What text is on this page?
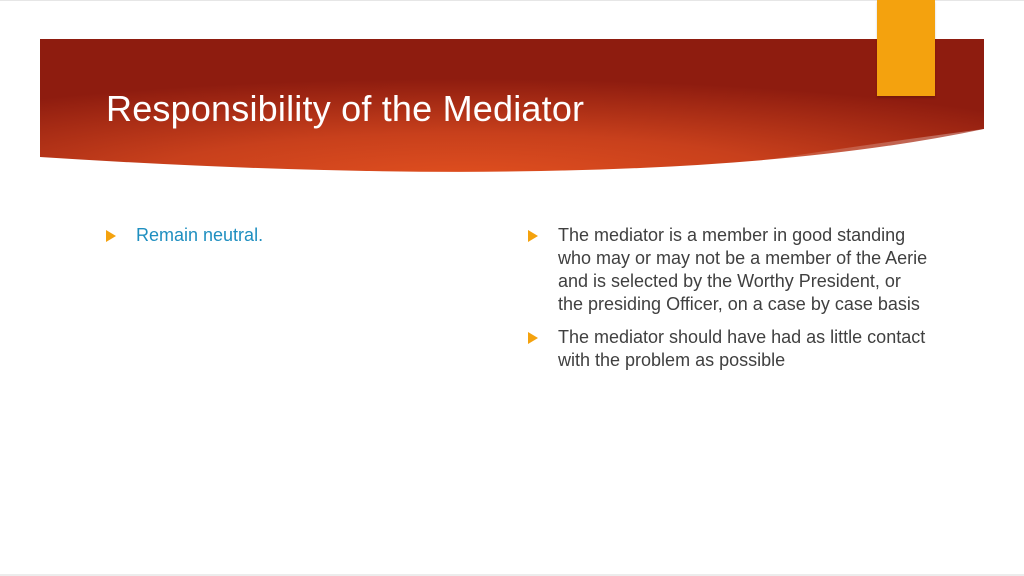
Responsibility of the Mediator
Remain neutral.	The mediator is a member in good standing who may or may not be a member of the Aerie and is selected by the Worthy President, or the presiding Officer, on a case by case basis
The mediator should have had as little contact with the problem as possible
